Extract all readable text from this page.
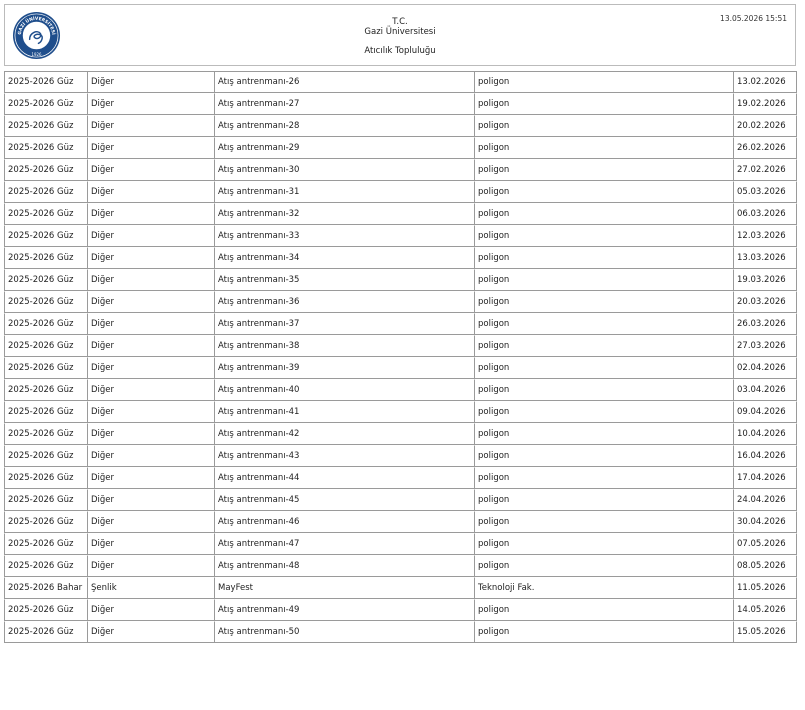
GAZİ ÜNİVERSİTESİ
1926
T.C.
Gazi Üniversitesi
Atıcılık Topluluğu
13.05.2026 15:51
2025-2026 Güz	Diğer	Atış antrenmanı-26	poligon	13.02.2026
2025-2026 Güz	Diğer	Atış antrenmanı-27	poligon	19.02.2026
2025-2026 Güz	Diğer	Atış antrenmanı-28	poligon	20.02.2026
2025-2026 Güz	Diğer	Atış antrenmanı-29	poligon	26.02.2026
2025-2026 Güz	Diğer	Atış antrenmanı-30	poligon	27.02.2026
2025-2026 Güz	Diğer	Atış antrenmanı-31	poligon	05.03.2026
2025-2026 Güz	Diğer	Atış antrenmanı-32	poligon	06.03.2026
2025-2026 Güz	Diğer	Atış antrenmanı-33	poligon	12.03.2026
2025-2026 Güz	Diğer	Atış antrenmanı-34	poligon	13.03.2026
2025-2026 Güz	Diğer	Atış antrenmanı-35	poligon	19.03.2026
2025-2026 Güz	Diğer	Atış antrenmanı-36	poligon	20.03.2026
2025-2026 Güz	Diğer	Atış antrenmanı-37	poligon	26.03.2026
2025-2026 Güz	Diğer	Atış antrenmanı-38	poligon	27.03.2026
2025-2026 Güz	Diğer	Atış antrenmanı-39	poligon	02.04.2026
2025-2026 Güz	Diğer	Atış antrenmanı-40	poligon	03.04.2026
2025-2026 Güz	Diğer	Atış antrenmanı-41	poligon	09.04.2026
2025-2026 Güz	Diğer	Atış antrenmanı-42	poligon	10.04.2026
2025-2026 Güz	Diğer	Atış antrenmanı-43	poligon	16.04.2026
2025-2026 Güz	Diğer	Atış antrenmanı-44	poligon	17.04.2026
2025-2026 Güz	Diğer	Atış antrenmanı-45	poligon	24.04.2026
2025-2026 Güz	Diğer	Atış antrenmanı-46	poligon	30.04.2026
2025-2026 Güz	Diğer	Atış antrenmanı-47	poligon	07.05.2026
2025-2026 Güz	Diğer	Atış antrenmanı-48	poligon	08.05.2026
2025-2026 Bahar	Şenlik	MayFest	Teknoloji Fak.	11.05.2026
2025-2026 Güz	Diğer	Atış antrenmanı-49	poligon	14.05.2026
2025-2026 Güz	Diğer	Atış antrenmanı-50	poligon	15.05.2026
